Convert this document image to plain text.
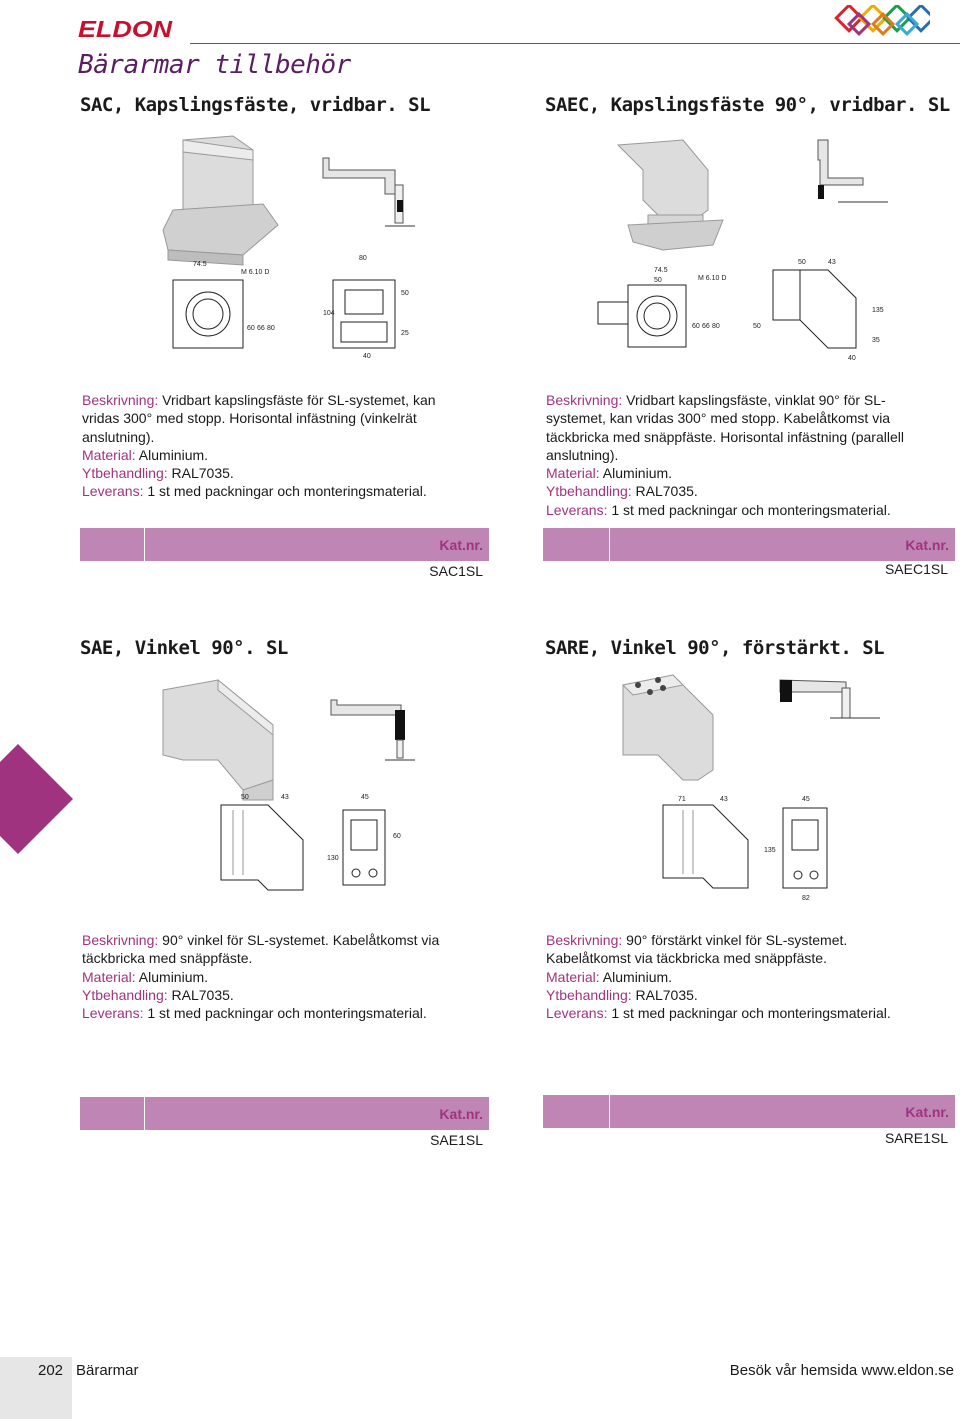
ELDON
Bärarmar tillbehör
SAC, Kapslingsfäste, vridbar. SL
74.5
M 6.10 D
80
104
60 66 80
50
25
40

Beskrivning: Vridbart kapslingsfäste för SL-systemet, kan

vridas 300° med stopp. Horisontal infästning (vinkelrät

anslutning).

Material: Aluminium.

Ytbehandling: RAL7035.

Leverans: 1 st med packningar och monteringsmaterial.

Kat.nr.
SAC1SL
SAEC, Kapslingsfäste 90°, vridbar. SL
74.5
50	M 6.10 D
50	43
60 66 80	50
135
35
40

Beskrivning: Vridbart kapslingsfäste, vinklat 90° för SL-

systemet, kan vridas 300° med stopp. Kabelåtkomst via

täckbricka med snäppfäste. Horisontal infästning (parallell

anslutning).

Material: Aluminium.

Ytbehandling: RAL7035.

Leverans: 1 st med packningar och monteringsmaterial.

Kat.nr.
SAEC1SL
SAE, Vinkel 90°. SL
50	43	45
130
60

Beskrivning: 90° vinkel för SL-systemet. Kabelåtkomst via

täckbricka med snäppfäste.

Material: Aluminium.

Ytbehandling: RAL7035.

Leverans: 1 st med packningar och monteringsmaterial.

Kat.nr.
SAE1SL
SARE, Vinkel 90°, förstärkt. SL
71	43	45
135
82

Beskrivning: 90° förstärkt vinkel för SL-systemet.

Kabelåtkomst via täckbricka med snäppfäste.

Material: Aluminium.

Ytbehandling: RAL7035.

Leverans: 1 st med packningar och monteringsmaterial.

Kat.nr.
SARE1SL
202 Bärarmar	Besök vår hemsida www.eldon.se
